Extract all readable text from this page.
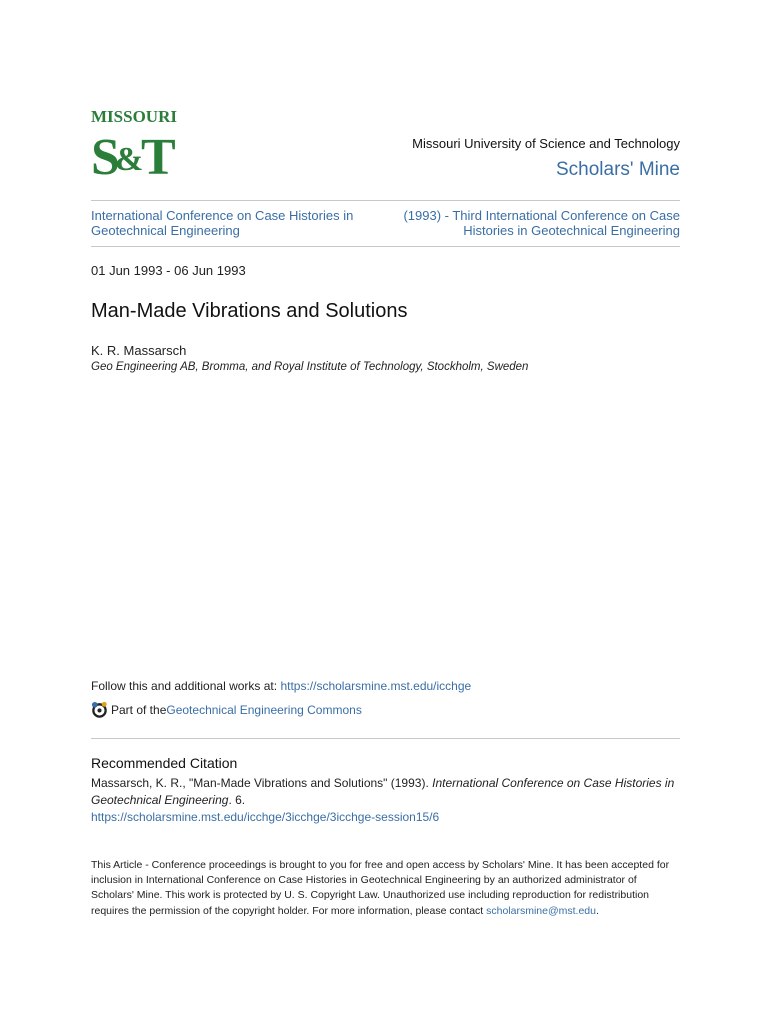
MISSOURI
S
&
T	Missouri University of Science and Technology
Scholars' Mine
International Conference on Case Histories in Geotechnical Engineering
(1993) - Third International Conference on Case Histories in Geotechnical Engineering
01 Jun 1993 - 06 Jun 1993
Man-Made Vibrations and Solutions
K. R. Massarsch
Geo Engineering AB, Bromma, and Royal Institute of Technology, Stockholm, Sweden
Follow this and additional works at: https://scholarsmine.mst.edu/icchge
Part of the Geotechnical Engineering Commons
Recommended Citation
Massarsch, K. R., "Man-Made Vibrations and Solutions" (1993). International Conference on Case Histories in Geotechnical Engineering. 6.
https://scholarsmine.mst.edu/icchge/3icchge/3icchge-session15/6
This Article - Conference proceedings is brought to you for free and open access by Scholars' Mine. It has been accepted for inclusion in International Conference on Case Histories in Geotechnical Engineering by an authorized administrator of Scholars' Mine. This work is protected by U. S. Copyright Law. Unauthorized use including reproduction for redistribution requires the permission of the copyright holder. For more information, please contact scholarsmine@mst.edu.
